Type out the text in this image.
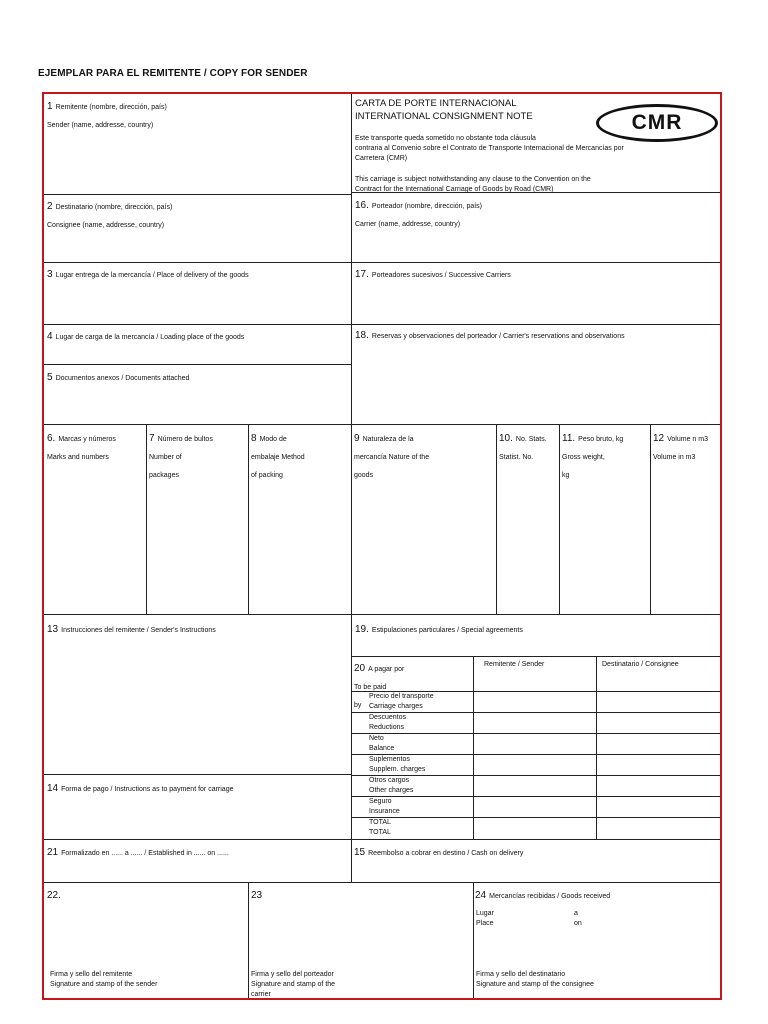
EJEMPLAR PARA EL REMITENTE / COPY FOR SENDER
1 Remitente (nombre, dirección, país)
Sender (name, addresse, country)
CARTA DE PORTE INTERNACIONAL
INTERNATIONAL CONSIGNMENT NOTE	CMR
Este transporte queda sometido no obstante toda cláusula
contraria al Convenio sobre el Contrato de Transporte Internacional de Mercancías por
Carretera (CMR)
This carriage is subject notwithstanding any clause to the Convention on the
Contract for the International Carriage of Goods by Road (CMR)
2 Destinatario (nombre, dirección, país)
Consignee (name, addresse, country)
16. Porteador (nombre, dirección, país)
Carrier (name, addresse, country)
3 Lugar entrega de la mercancía / Place of delivery of the goods	17. Porteadores sucesivos / Successive Carriers
4 Lugar de carga de la mercancía / Loading place of the goods	18. Reservas y observaciones del porteador / Carrier's reservations and observations
5 Documentos anexos / Documents attached
6. Marcas y números
Marks and numbers
7 Número de bultos
Number of
packages
8 Modo de
embalaje Method
of packing
9 Naturaleza de la
mercancía Nature of the
goods
10. No. Stats.
Statist. No.
11. Peso bruto, kg
Gross weight,
kg
12 Volume n m3
Volume in m3
13 Instrucciones del remitente / Sender's Instructions	19. Estipulaciones particulares / Special agreements
20 A pagar por
To be paid
by
Remitente / Sender	Destinatario / Consignee
Precio del transporte
Carriage charges
Descuentos
Reductions
Neto
Balance
Suplementos
Supplem. charges
Otros cargos
Other charges
Seguro
Insurance
TOTAL
TOTAL
14 Forma de pago / Instructions as to payment for carriage
21 Formalizado en ...... a ...... / Established in ...... on ......	15 Reembolso a cobrar en destino / Cash on delivery
22.
Firma y sello del remitente
Signature and stamp of the sender
23
Firma y sello del porteador
Signature and stamp of the
carrier
24 Mercancías recibidas / Goods received
Lugar
Place
a
on
Firma y sello del destinatario
Signature and stamp of the consignee
